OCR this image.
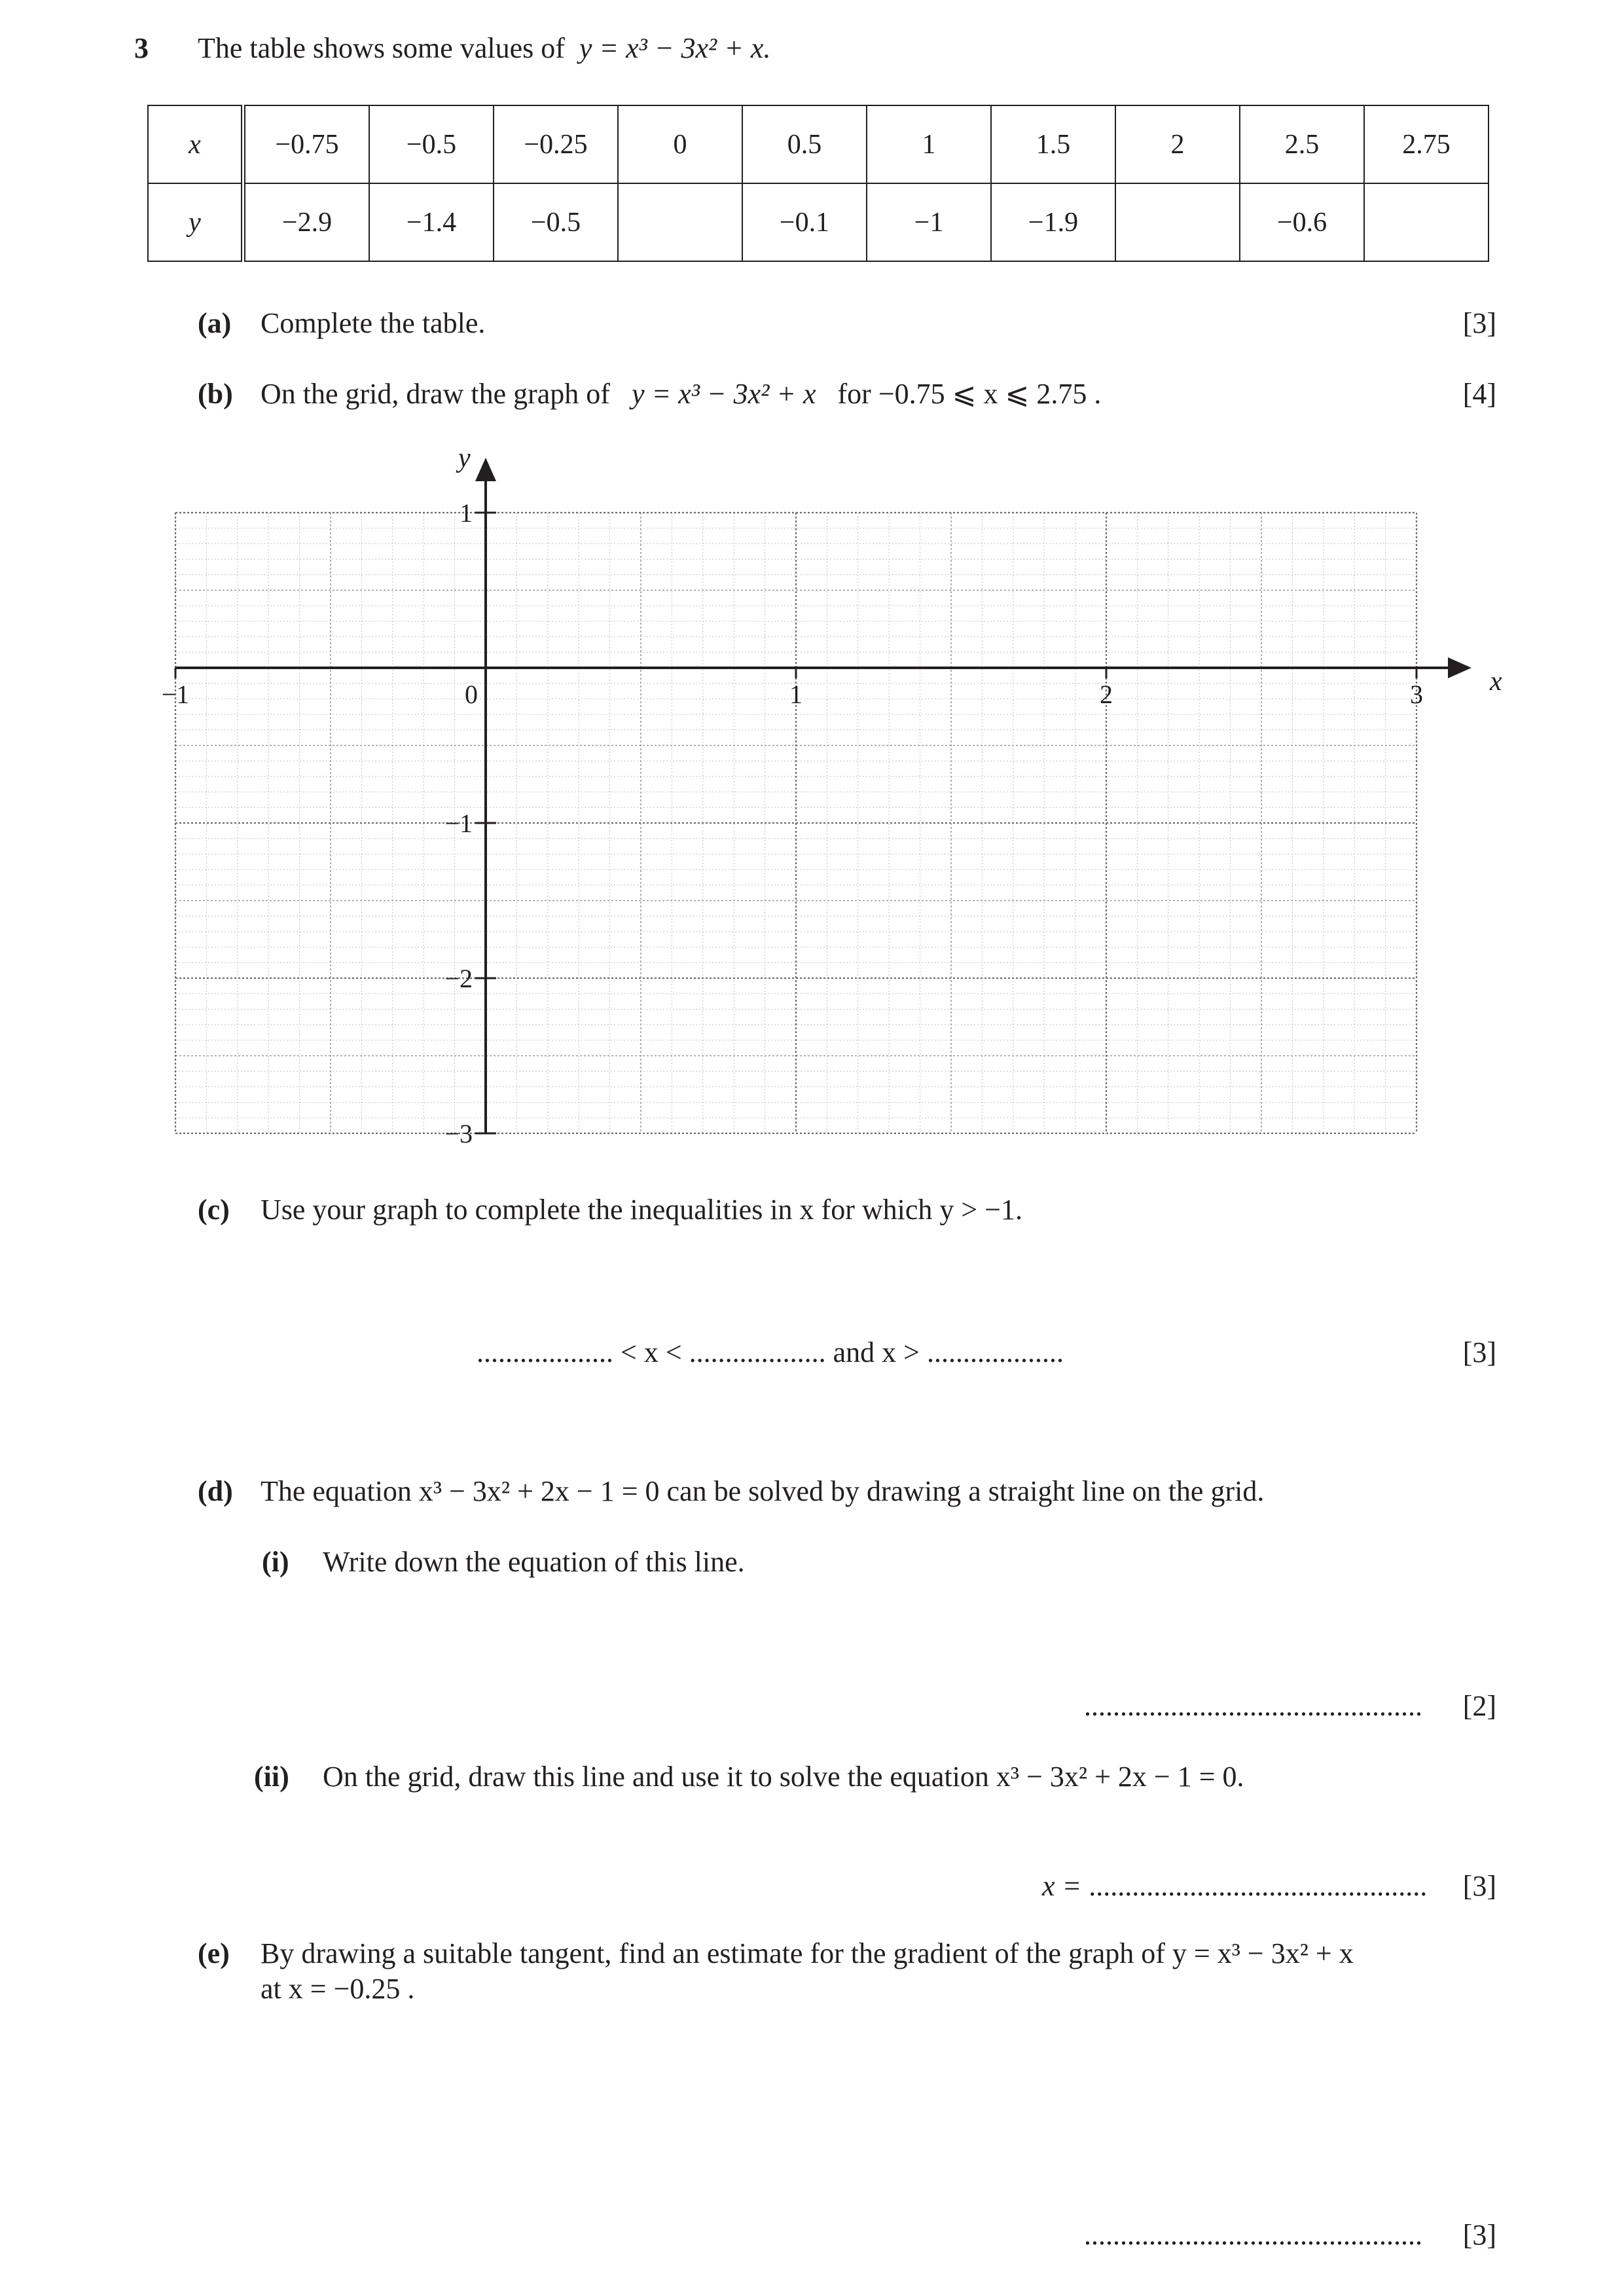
3 The table shows some values of y = x³ − 3x² + x.
x	−0.75	−0.5	−0.25	0	0.5	1	1.5	2	2.5	2.75
y	−2.9	−1.4	−0.5		−0.1	−1	−1.9		−0.6	
(a) Complete the table.	[3]
(b) On the grid, draw the graph of y = x³ − 3x² + x for −0.75 ⩽ x ⩽ 2.75 .	[4]
x
y
−1	0	1	2	3
1
−1
−2
−3
(c) Use your graph to complete the inequalities in x for which y > −1.
................... < x < ................... and x > ...................	[3]
(d) The equation x³ − 3x² + 2x − 1 = 0 can be solved by drawing a straight line on the grid.
(i) Write down the equation of this line.
............................................... [2]
(ii) On the grid, draw this line and use it to solve the equation x³ − 3x² + 2x − 1 = 0.
x = ............................................... [3]
(e) By drawing a suitable tangent, find an estimate for the gradient of the graph of y = x³ − 3x² + x
at x = −0.25 .
............................................... [3]
